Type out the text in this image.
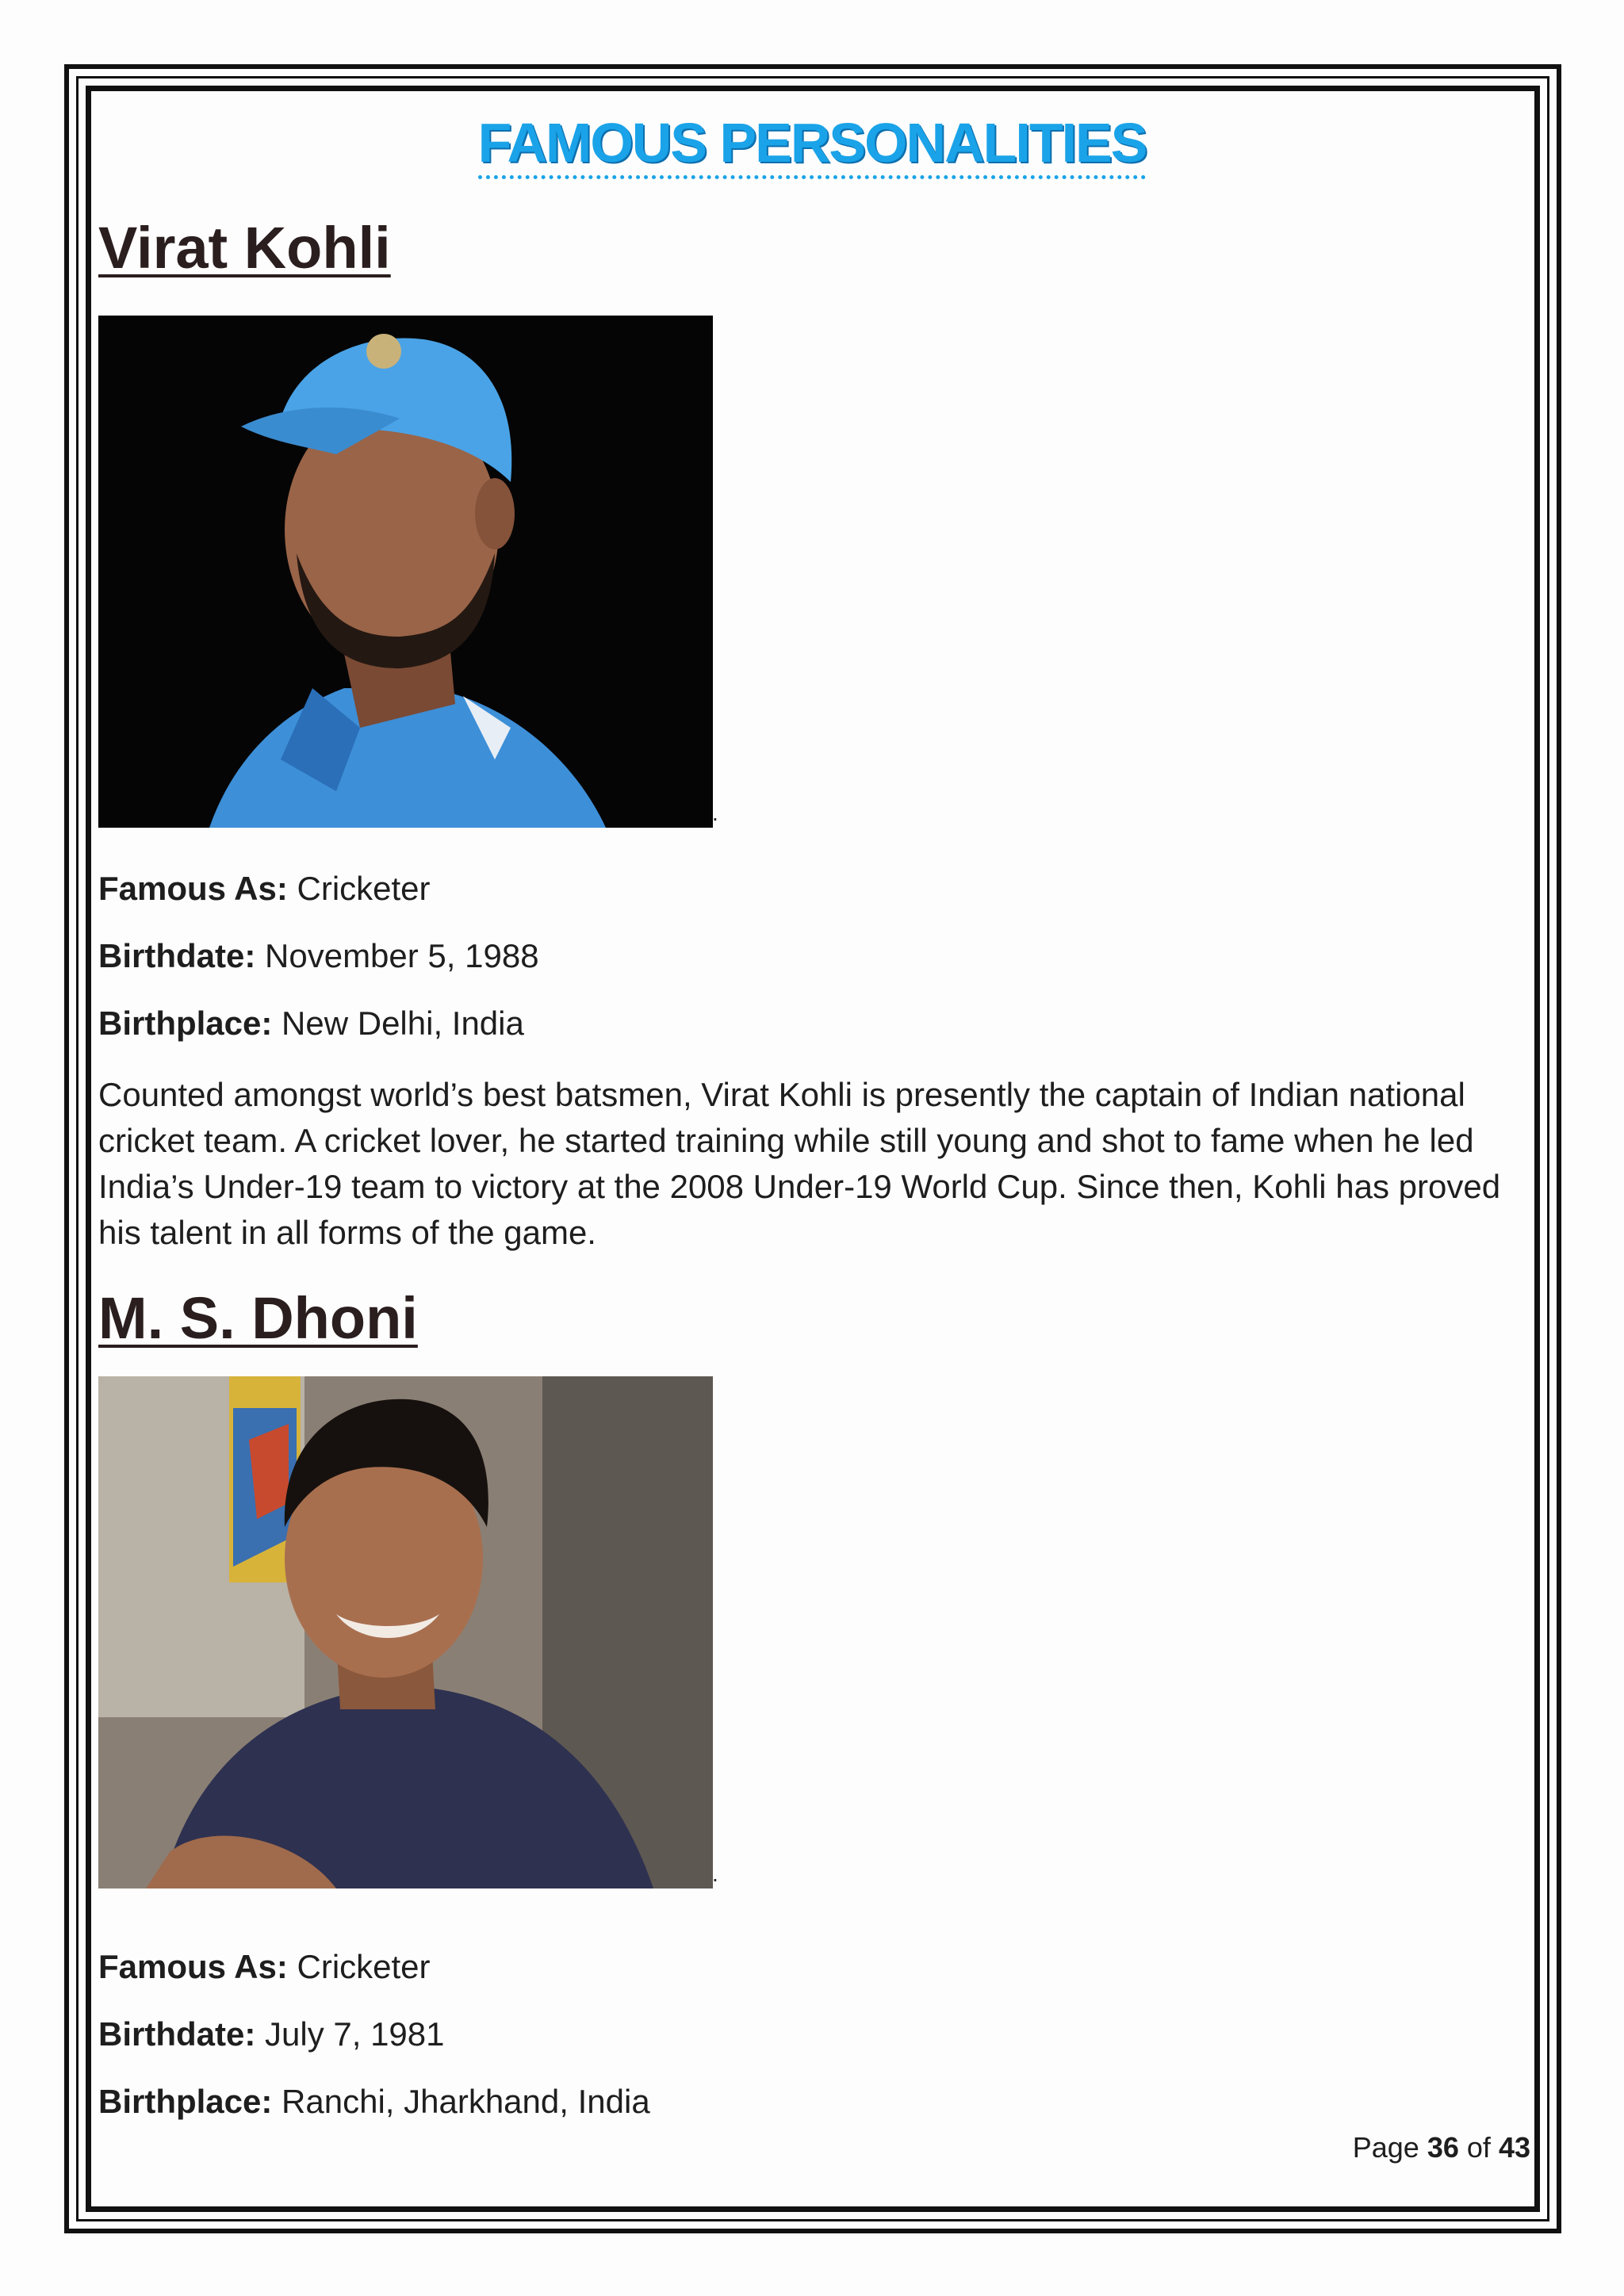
FAMOUS PERSONALITIES
Virat Kohli
.
Famous As: Cricketer
Birthdate: November 5, 1988
Birthplace: New Delhi, India

Counted amongst world’s best batsmen, Virat Kohli is presently the captain of Indian national cricket team. A cricket lover, he started training while still young and shot to fame when he led India’s Under-19 team to victory at the 2008 Under-19 World Cup. Since then, Kohli has proved his talent in all forms of the game.

M. S. Dhoni
.
Famous As: Cricketer
Birthdate: July 7, 1981
Birthplace: Ranchi, Jharkhand, India
Page 36 of 43
